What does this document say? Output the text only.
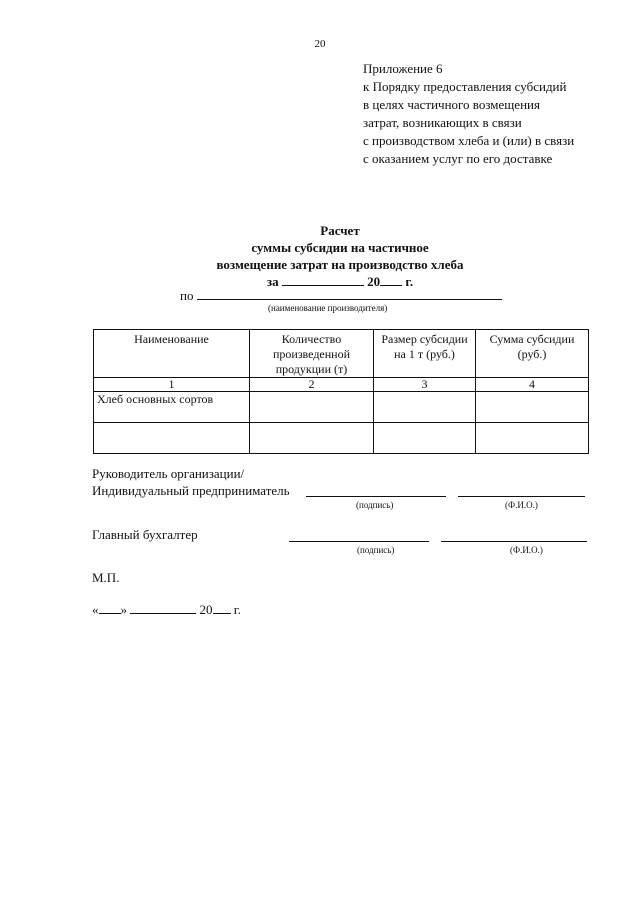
20
Приложение 6
к Порядку предоставления субсидий
в целях частичного возмещения
затрат, возникающих в связи
с производством хлеба и (или) в связи
с оказанием услуг по его доставке
Расчет
суммы субсидии на частичное
возмещение затрат на производство хлеба
за	20 г.
по
(наименование производителя)
Наименование	Количество произведенной продукции (т)	Размер субсидии на 1 т (руб.)	Сумма субсидии (руб.)
1	2	3	4
Хлеб основных сортов			

Руководитель организации/
Индивидуальный предприниматель
(подпись)	(Ф.И.О.)
Главный бухгалтер
(подпись)	(Ф.И.О.)
М.П.
« »	20 г.
